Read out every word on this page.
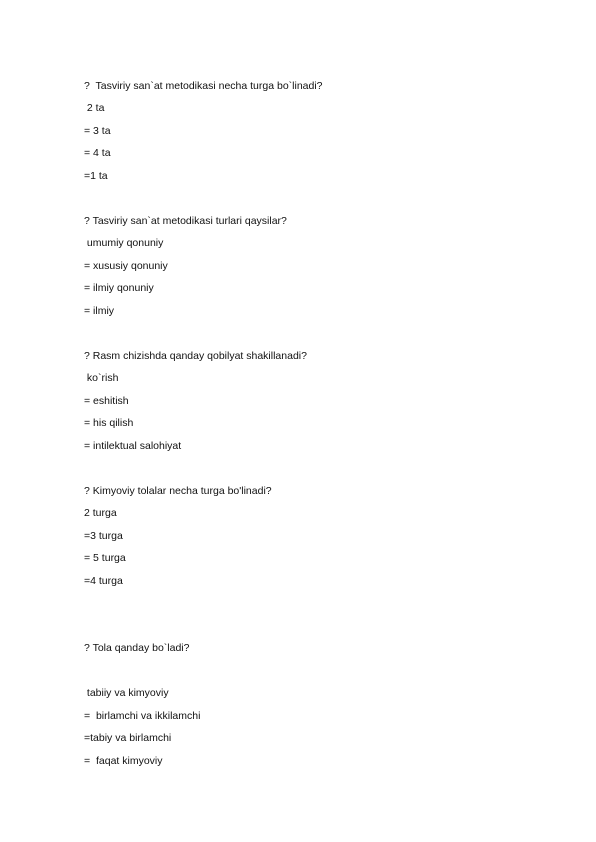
?  Tasviriy san`at metodikasi necha turga bo`linadi?
2 ta
= 3 ta
= 4 ta
=1 ta
? Tasviriy san`at metodikasi turlari qaysilar?
umumiy qonuniy
= xususiy qonuniy
= ilmiy qonuniy
= ilmiy
? Rasm chizishda qanday qobilyat shakillanadi?
ko`rish
= eshitish
= his qilish
= intilektual salohiyat
? Kimyoviy tolalar necha turga bo'linadi?
2 turga
=3 turga
= 5 turga
=4 turga
? Tola qanday bo`ladi?
tabiiy va kimyoviy
=  birlamchi va ikkilamchi
=tabiy va birlamchi
=  faqat kimyoviy
